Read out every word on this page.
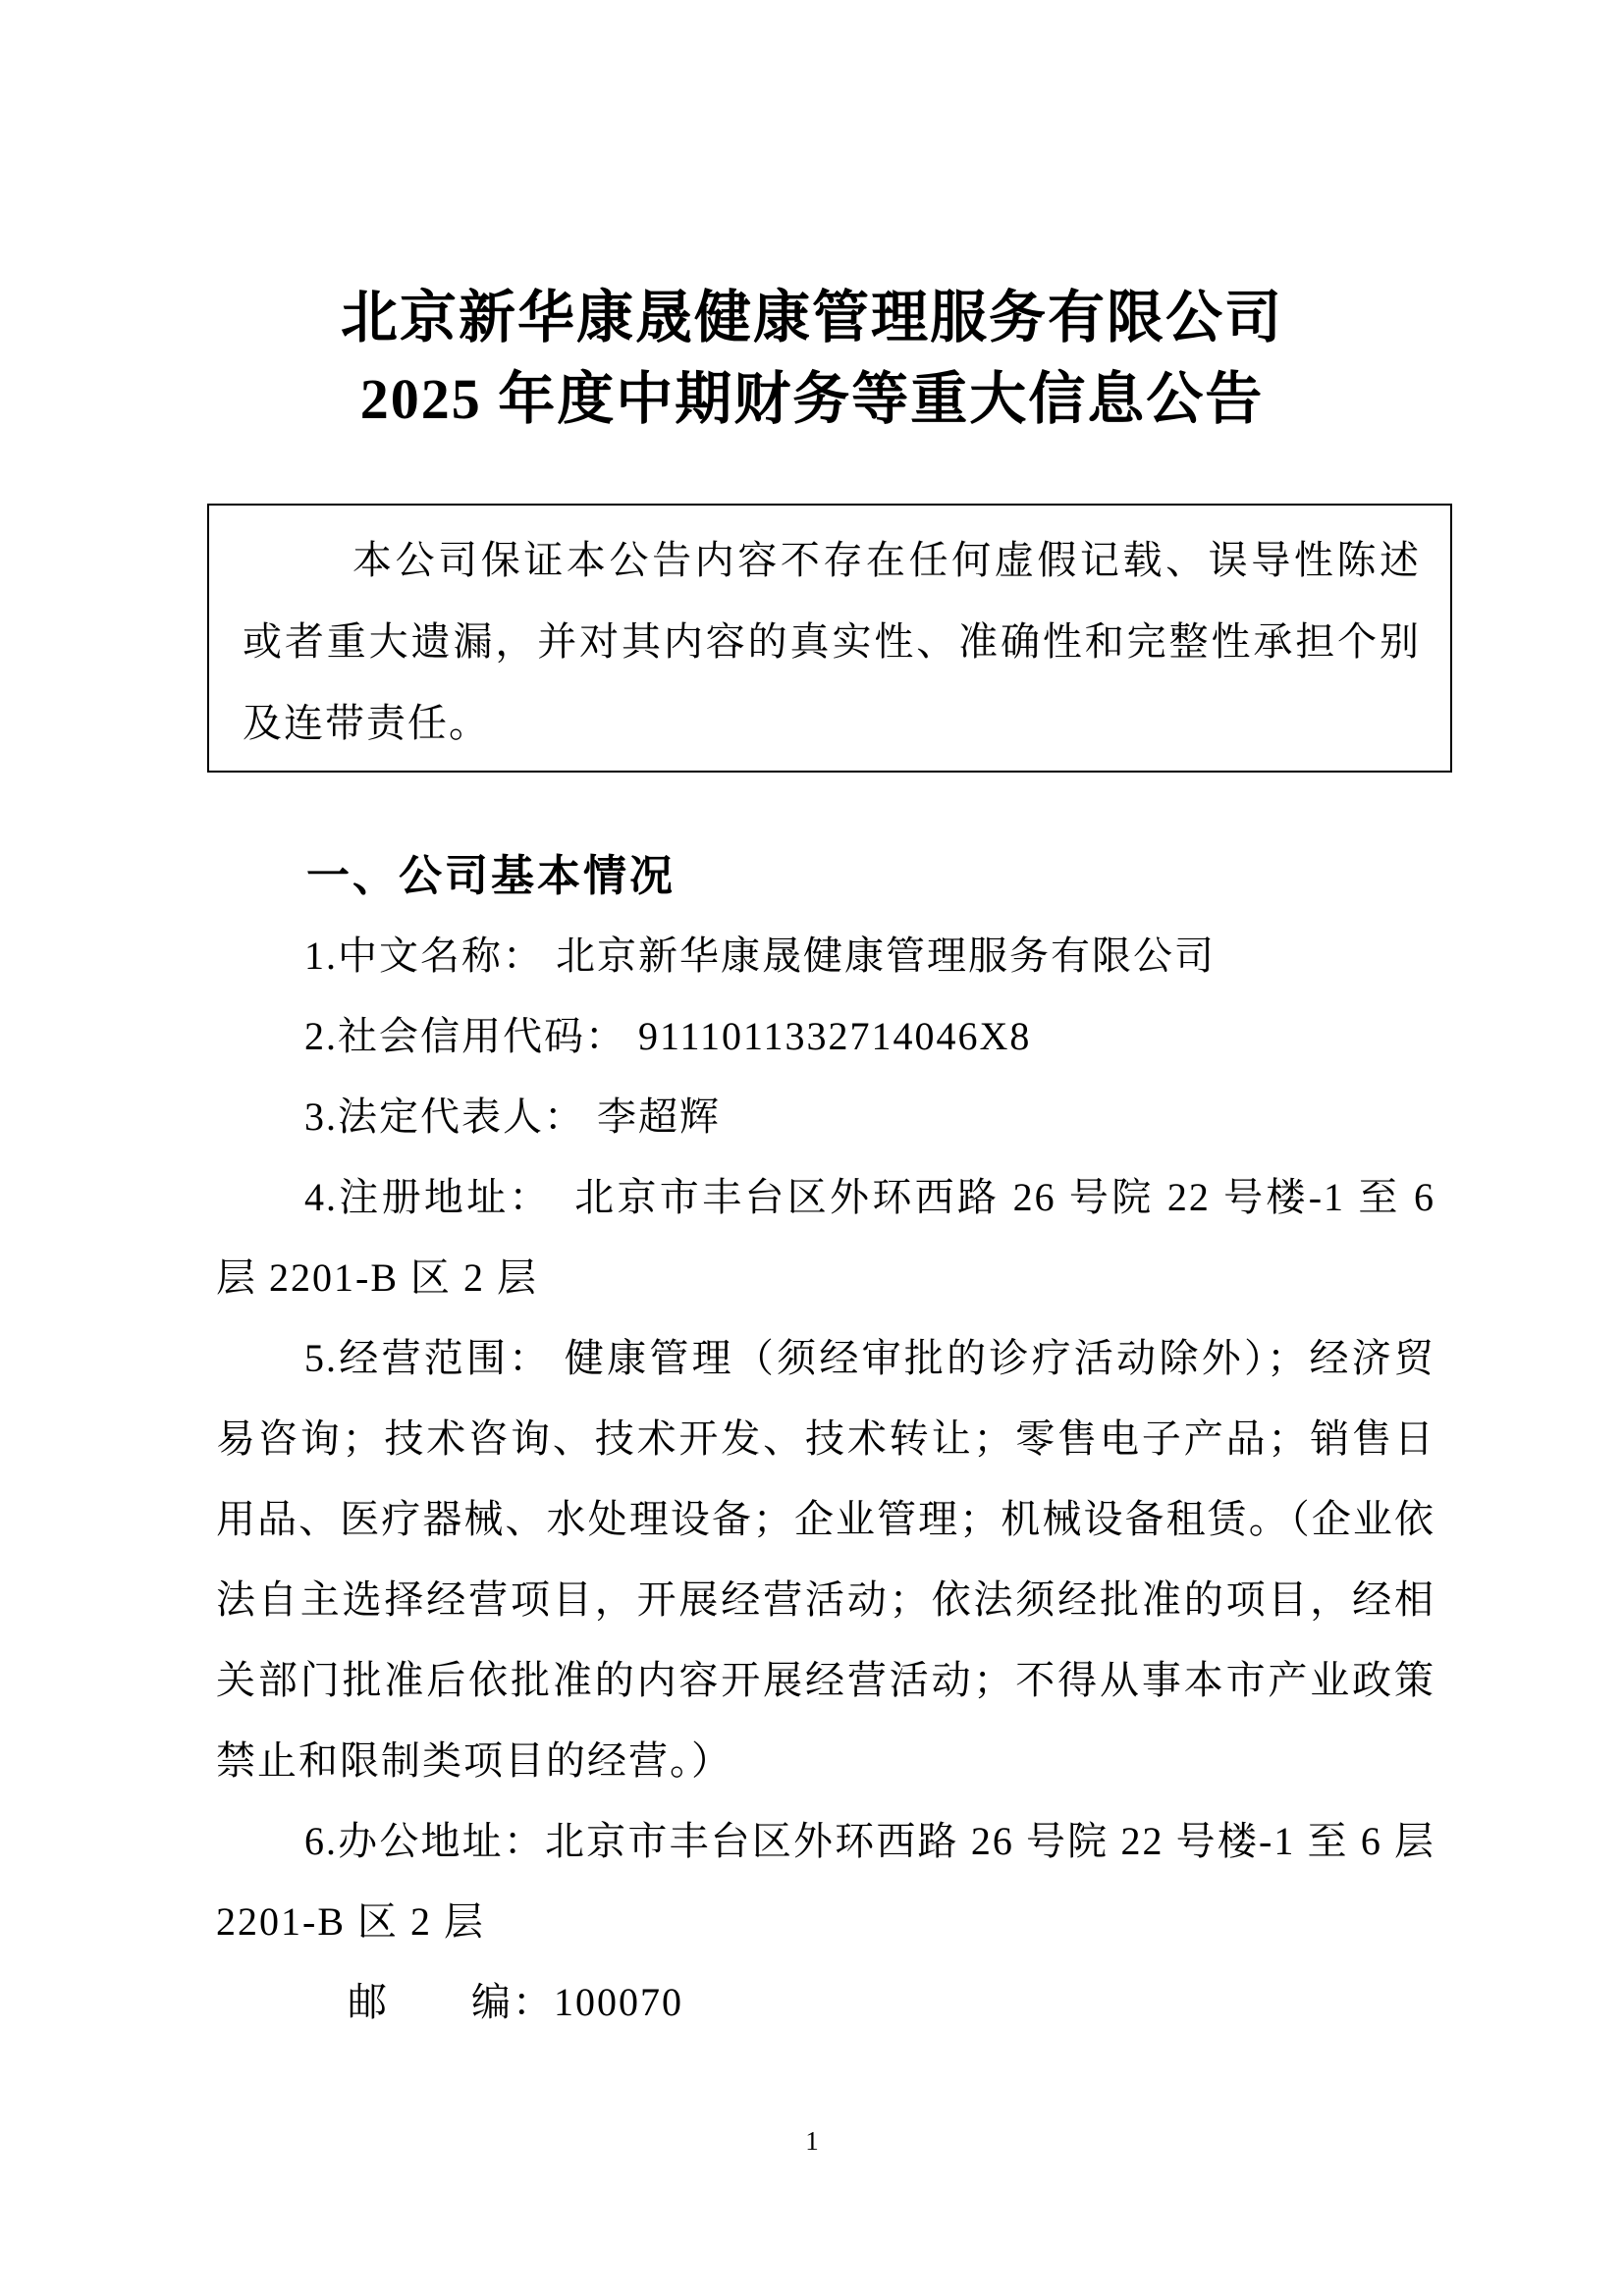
北京新华康晟健康管理服务有限公司
2025 年度中期财务等重大信息公告

本公司保证本公告内容不存在任何虚假记载、误导性陈述或者重大遗漏，并对其内容的真实性、准确性和完整性承担个别及连带责任。

一、公司基本情况

1.中文名称： 北京新华康晟健康管理服务有限公司

2.社会信用代码： 9111011332714046X8

3.法定代表人： 李超辉

4.注册地址：　北京市丰台区外环西路 26 号院 22 号楼-1 至 6 层 2201-B 区 2 层

5.经营范围： 健康管理（须经审批的诊疗活动除外）；经济贸易咨询；技术咨询、技术开发、技术转让；零售电子产品；销售日用品、医疗器械、水处理设备；企业管理；机械设备租赁。（企业依法自主选择经营项目，开展经营活动；依法须经批准的项目，经相关部门批准后依批准的内容开展经营活动；不得从事本市产业政策禁止和限制类项目的经营。）

6.办公地址：北京市丰台区外环西路 26 号院 22 号楼-1 至 6 层 2201-B 区 2 层

邮　　编：100070

1
